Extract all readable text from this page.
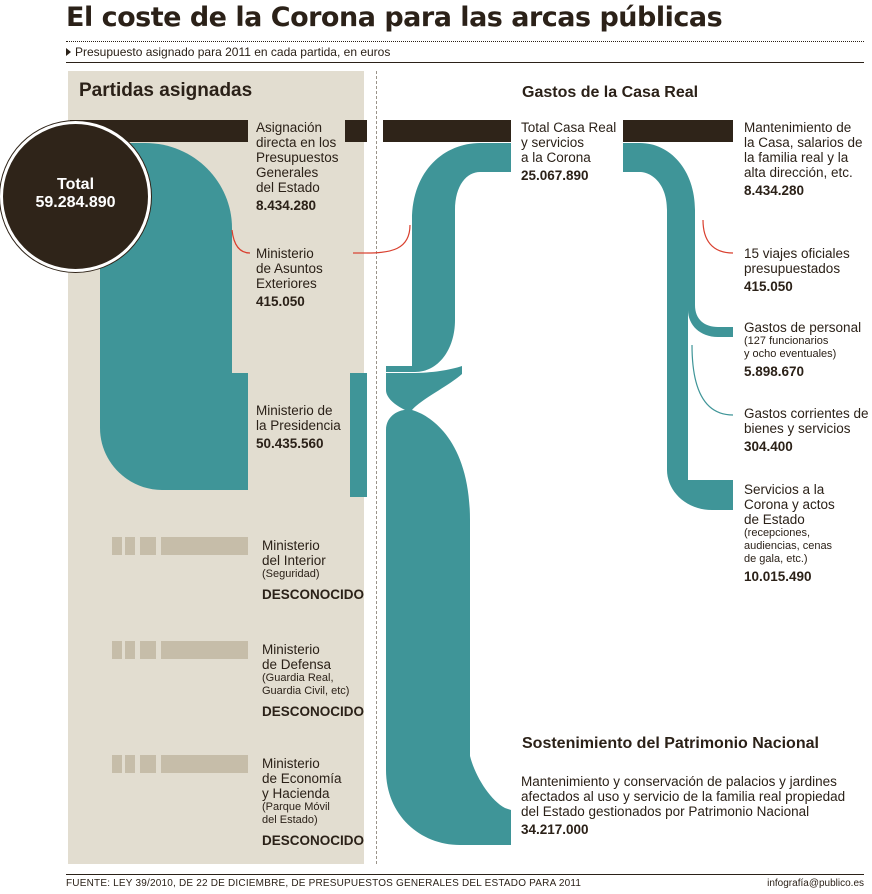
El coste de la Corona para las arcas públicas
Presupuesto asignado para 2011 en cada partida, en euros
Partidas asignadas	Gastos de la Casa Real
Total
59.284.890
Asignación
directa en los
Presupuestos
Generales
del Estado
8.434.280
Ministerio
de Asuntos
Exteriores
415.050
Ministerio de
la Presidencia
50.435.560
Ministerio
del Interior
(Seguridad)
DESCONOCIDO
Ministerio
de Defensa
(Guardia Real,
Guardia Civil, etc)
DESCONOCIDO
Ministerio
de Economía
y Hacienda
(Parque Móvil
del Estado)
DESCONOCIDO
Total Casa Real
y servicios
a la Corona
25.067.890
Mantenimiento de
la Casa, salarios de
la familia real y la
alta dirección, etc.
8.434.280
15 viajes oficiales
presupuestados
415.050
Gastos de personal
(127 funcionarios
y ocho eventuales)
5.898.670
Gastos corrientes de
bienes y servicios
304.400
Servicios a la
Corona y actos
de Estado
(recepciones,
audiencias, cenas
de gala, etc.)
10.015.490
Sostenimiento del Patrimonio Nacional
Mantenimiento y conservación de palacios y jardines
afectados al uso y servicio de la familia real propiedad
del Estado gestionados por Patrimonio Nacional
34.217.000
FUENTE: LEY 39/2010, DE 22 DE DICIEMBRE, DE PRESUPUESTOS GENERALES DEL ESTADO PARA 2011	infografía@publico.es
